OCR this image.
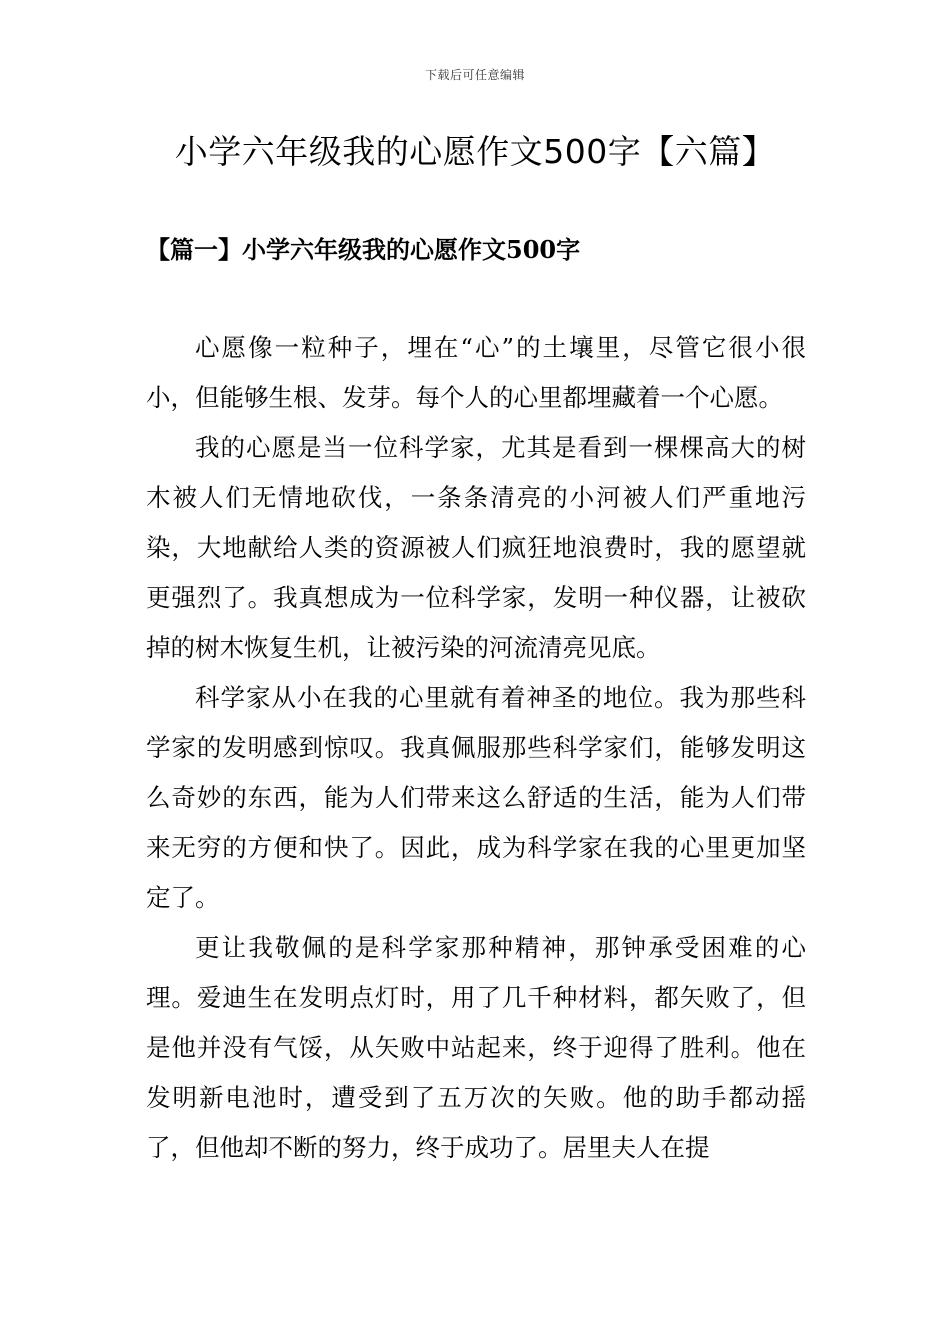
下载后可任意编辑
小学六年级我的心愿作文500字【六篇】
【篇一】小学六年级我的心愿作文500字

心愿像一粒种子，埋在“心”的土壤里，尽管它很小很小，但能够生根、发芽。每个人的心里都埋藏着一个心愿。

我的心愿是当一位科学家，尤其是看到一棵棵高大的树木被人们无情地砍伐，一条条清亮的小河被人们严重地污染，大地献给人类的资源被人们疯狂地浪费时，我的愿望就更强烈了。我真想成为一位科学家，发明一种仪器，让被砍掉的树木恢复生机，让被污染的河流清亮见底。

科学家从小在我的心里就有着神圣的地位。我为那些科学家的发明感到惊叹。我真佩服那些科学家们，能够发明这么奇妙的东西，能为人们带来这么舒适的生活，能为人们带来无穷的方便和快了。因此，成为科学家在我的心里更加坚定了。

更让我敬佩的是科学家那种精神，那钟承受困难的心理。爱迪生在发明点灯时，用了几千种材料，都矢败了，但是他并没有气馁，从矢败中站起来，终于迎得了胜利。他在发明新电池时，遭受到了五万次的矢败。他的助手都动摇了，但他却不断的努力，终于成功了。居里夫人在提
